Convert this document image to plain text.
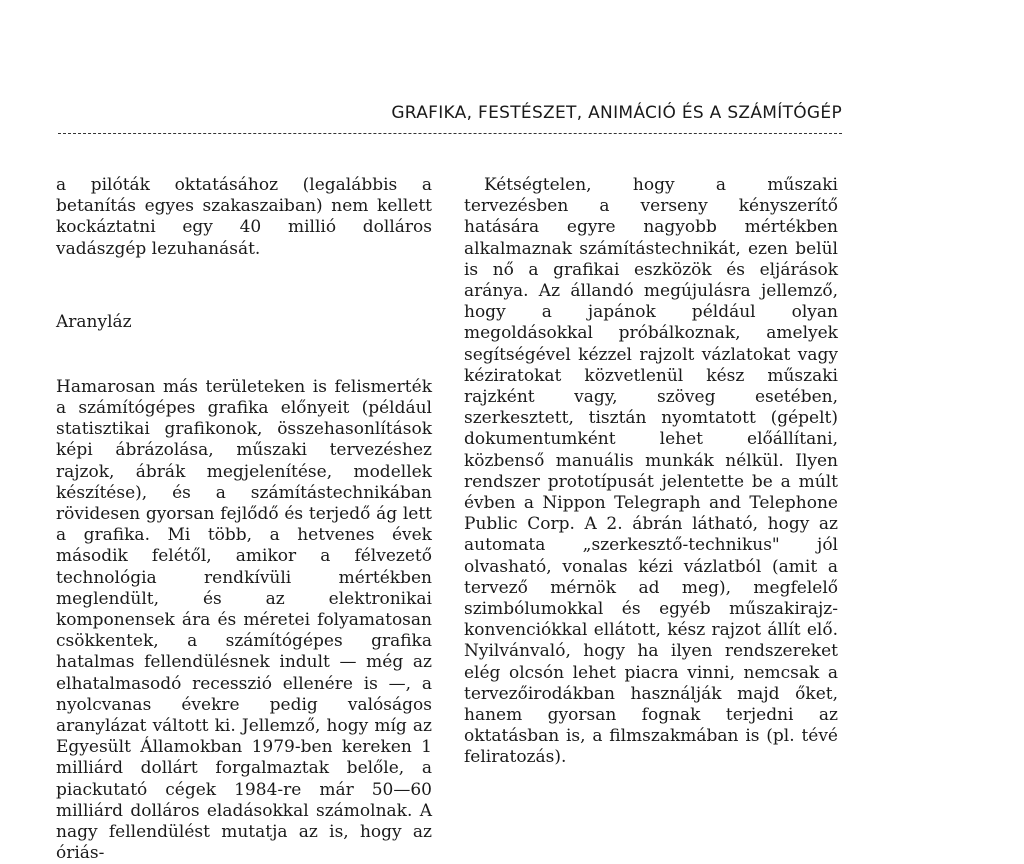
GRAFIKA, FESTÉSZET, ANIMÁCIÓ ÉS A SZÁMÍTÓGÉP

a pilóták oktatásához (legalábbis a betanítás egyes szakaszaiban) nem kellett kockáztatni egy 40 millió dolláros vadászgép lezuhanását.

Aranyláz

Hamarosan más területeken is felismerték a számítógépes grafika előnyeit (például statisztikai grafikonok, összehasonlítások képi ábrázolása, műszaki tervezéshez rajzok, ábrák megjelenítése, modellek készítése), és a számítástechnikában rövidesen gyorsan fejlődő és terjedő ág lett a grafika. Mi több, a hetvenes évek második felétől, amikor a félvezető technológia rendkívüli mértékben meglendült, és az elektronikai komponensek ára és méretei folyamatosan csökkentek, a számítógépes grafika hatalmas fellendülésnek indult — még az elhatalmasodó recesszió ellenére is —, a nyolcvanas évekre pedig valóságos aranylázat váltott ki. Jellemző, hogy míg az Egyesült Államokban 1979-ben kereken 1 milliárd dollárt forgalmaztak belőle, a piackutató cégek 1984-re már 50—60 milliárd dolláros eladásokkal számolnak. A nagy fellendülést mutatja az is, hogy az óriás-

Kétségtelen, hogy a műszaki tervezésben a verseny kényszerítő hatására egyre nagyobb mértékben alkalmaznak számítástechnikát, ezen belül is nő a grafikai eszközök és eljárások aránya. Az állandó megújulásra jellemző, hogy a japánok például olyan megoldásokkal próbálkoznak, amelyek segítségével kézzel rajzolt vázlatokat vagy kéziratokat közvetlenül kész műszaki rajzként vagy, szöveg esetében, szerkesztett, tisztán nyomtatott (gépelt) dokumentumként lehet előállítani, közbenső manuális munkák nélkül. Ilyen rendszer prototípusát jelentette be a múlt évben a Nippon Telegraph and Telephone Public Corp. A 2. ábrán látható, hogy az automata „szerkesztő-technikus" jól olvasható, vonalas kézi vázlatból (amit a tervező mérnök ad meg), megfelelő szimbólumokkal és egyéb műszakirajz-konvenciókkal ellátott, kész rajzot állít elő. Nyilvánvaló, hogy ha ilyen rendszereket elég olcsón lehet piacra vinni, nemcsak a tervezőirodákban használják majd őket, hanem gyorsan fognak terjedni az oktatásban is, a filmszakmában is (pl. tévé feliratozás).
